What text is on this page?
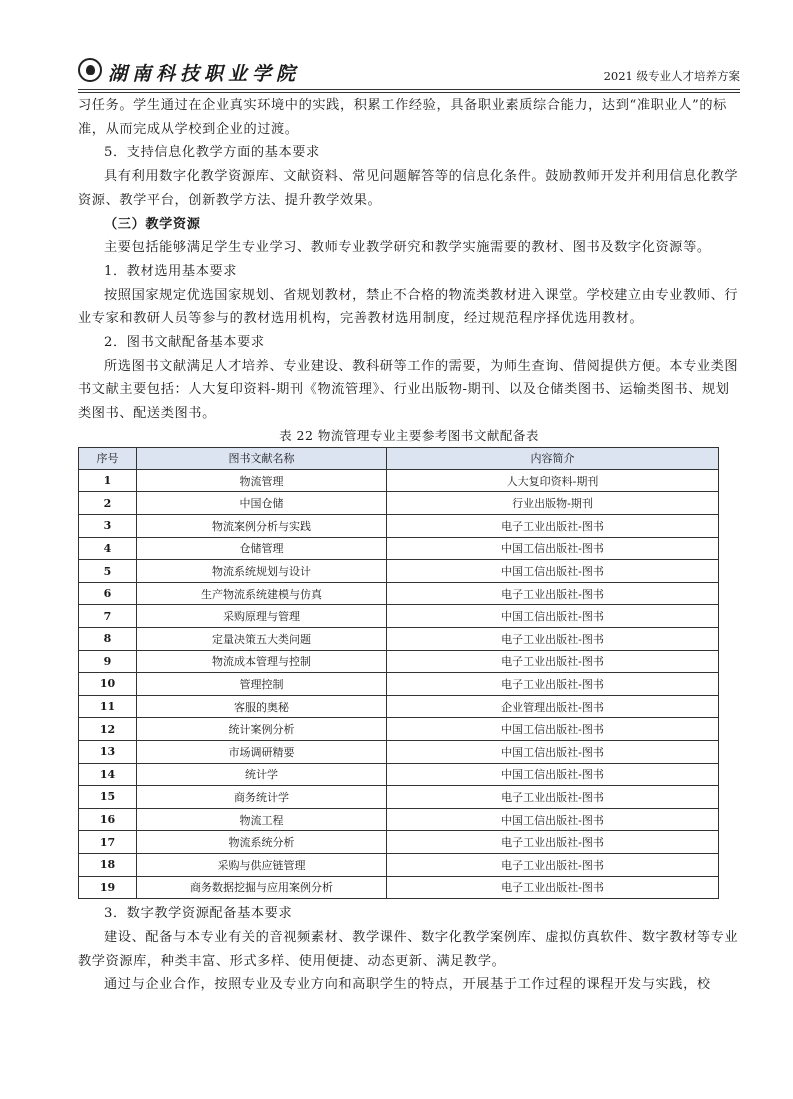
湖南科技职业学院	2021 级专业人才培养方案

习任务。学生通过在企业真实环境中的实践，积累工作经验，具备职业素质综合能力，达到“准职业人”的标准，从而完成从学校到企业的过渡。

5．支持信息化教学方面的基本要求

具有利用数字化教学资源库、文献资料、常见问题解答等的信息化条件。鼓励教师开发并利用信息化教学资源、教学平台，创新教学方法、提升教学效果。

（三）教学资源

主要包括能够满足学生专业学习、教师专业教学研究和教学实施需要的教材、图书及数字化资源等。

1．教材选用基本要求

按照国家规定优选国家规划、省规划教材，禁止不合格的物流类教材进入课堂。学校建立由专业教师、行业专家和教研人员等参与的教材选用机构，完善教材选用制度，经过规范程序择优选用教材。

2．图书文献配备基本要求

所选图书文献满足人才培养、专业建设、教科研等工作的需要，为师生查询、借阅提供方便。本专业类图书文献主要包括：人大复印资料-期刊《物流管理》、行业出版物-期刊、以及仓储类图书、运输类图书、规划类图书、配送类图书。

表 22 物流管理专业主要参考图书文献配备表
序号	图书文献名称	内容简介
1	物流管理	人大复印资料-期刊
2	中国仓储	行业出版物-期刊
3	物流案例分析与实践	电子工业出版社-图书
4	仓储管理	中国工信出版社-图书
5	物流系统规划与设计	中国工信出版社-图书
6	生产物流系统建模与仿真	电子工业出版社-图书
7	采购原理与管理	中国工信出版社-图书
8	定量决策五大类问题	电子工业出版社-图书
9	物流成本管理与控制	电子工业出版社-图书
10	管理控制	电子工业出版社-图书
11	客服的奥秘	企业管理出版社-图书
12	统计案例分析	中国工信出版社-图书
13	市场调研精要	中国工信出版社-图书
14	统计学	中国工信出版社-图书
15	商务统计学	电子工业出版社-图书
16	物流工程	中国工信出版社-图书
17	物流系统分析	电子工业出版社-图书
18	采购与供应链管理	电子工业出版社-图书
19	商务数据挖掘与应用案例分析	电子工业出版社-图书

3．数字教学资源配备基本要求

建设、配备与本专业有关的音视频素材、教学课件、数字化教学案例库、虚拟仿真软件、数字教材等专业教学资源库，种类丰富、形式多样、使用便捷、动态更新、满足教学。

通过与企业合作，按照专业及专业方向和高职学生的特点，开展基于工作过程的课程开发与实践，校
